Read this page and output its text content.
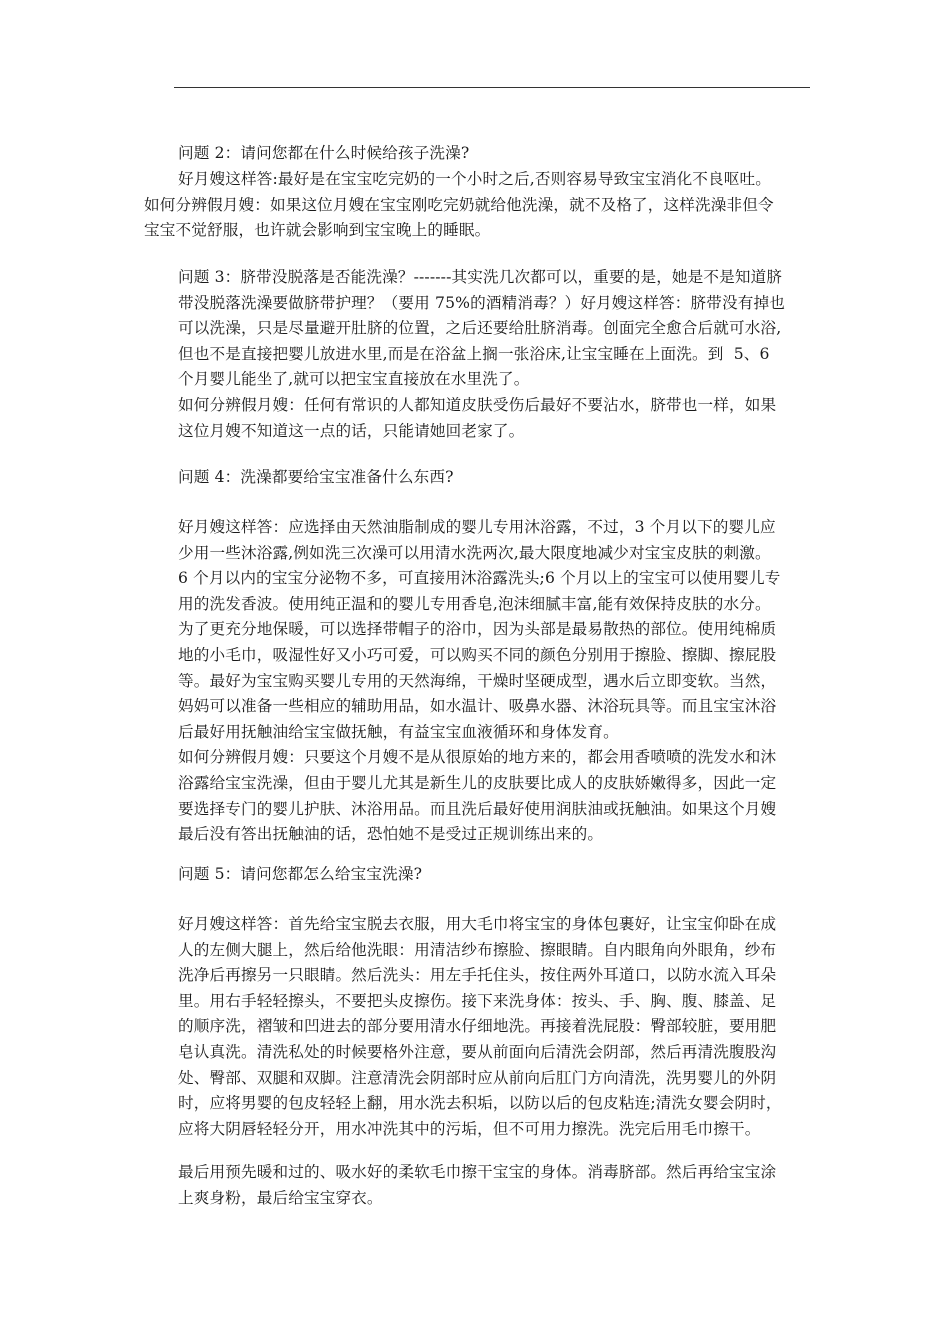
问题 2：请问您都在什么时候给孩子洗澡?
好月嫂这样答:最好是在宝宝吃完奶的一个小时之后,否则容易导致宝宝消化不良呕吐。
如何分辨假月嫂：如果这位月嫂在宝宝刚吃完奶就给他洗澡，就不及格了，这样洗澡非但令
宝宝不觉舒服，也许就会影响到宝宝晚上的睡眠。
问题 3：脐带没脱落是否能洗澡？-------其实洗几次都可以，重要的是，她是不是知道脐
带没脱落洗澡要做脐带护理？（要用 75%的酒精消毒？）好月嫂这样答：脐带没有掉也
可以洗澡，只是尽量避开肚脐的位置，之后还要给肚脐消毒。创面完全愈合后就可水浴,
但也不是直接把婴儿放进水里,而是在浴盆上搁一张浴床,让宝宝睡在上面洗。到  5、6
个月婴儿能坐了,就可以把宝宝直接放在水里洗了。
如何分辨假月嫂：任何有常识的人都知道皮肤受伤后最好不要沾水，脐带也一样，如果
这位月嫂不知道这一点的话，只能请她回老家了。
问题 4：洗澡都要给宝宝准备什么东西?
好月嫂这样答：应选择由天然油脂制成的婴儿专用沐浴露，不过，3 个月以下的婴儿应
少用一些沐浴露,例如洗三次澡可以用清水洗两次,最大限度地减少对宝宝皮肤的刺激。
6 个月以内的宝宝分泌物不多，可直接用沐浴露洗头;6 个月以上的宝宝可以使用婴儿专
用的洗发香波。使用纯正温和的婴儿专用香皂,泡沫细腻丰富,能有效保持皮肤的水分。
为了更充分地保暖，可以选择带帽子的浴巾，因为头部是最易散热的部位。使用纯棉质
地的小毛巾，吸湿性好又小巧可爱，可以购买不同的颜色分别用于擦脸、擦脚、擦屁股
等。最好为宝宝购买婴儿专用的天然海绵，干燥时坚硬成型，遇水后立即变软。当然，
妈妈可以准备一些相应的辅助用品，如水温计、吸鼻水器、沐浴玩具等。而且宝宝沐浴
后最好用抚触油给宝宝做抚触，有益宝宝血液循环和身体发育。
如何分辨假月嫂：只要这个月嫂不是从很原始的地方来的，都会用香喷喷的洗发水和沐
浴露给宝宝洗澡，但由于婴儿尤其是新生儿的皮肤要比成人的皮肤娇嫩得多，因此一定
要选择专门的婴儿护肤、沐浴用品。而且洗后最好使用润肤油或抚触油。如果这个月嫂
最后没有答出抚触油的话，恐怕她不是受过正规训练出来的。
问题 5：请问您都怎么给宝宝洗澡?
好月嫂这样答：首先给宝宝脱去衣服，用大毛巾将宝宝的身体包裹好，让宝宝仰卧在成
人的左侧大腿上，然后给他洗眼：用清洁纱布擦脸、擦眼睛。自内眼角向外眼角，纱布
洗净后再擦另一只眼睛。然后洗头：用左手托住头，按住两外耳道口，以防水流入耳朵
里。用右手轻轻擦头，不要把头皮擦伤。接下来洗身体：按头、手、胸、腹、膝盖、足
的顺序洗，褶皱和凹进去的部分要用清水仔细地洗。再接着洗屁股：臀部较脏，要用肥
皂认真洗。清洗私处的时候要格外注意，要从前面向后清洗会阴部，然后再清洗腹股沟
处、臀部、双腿和双脚。注意清洗会阴部时应从前向后肛门方向清洗，洗男婴儿的外阴
时，应将男婴的包皮轻轻上翻，用水洗去积垢，以防以后的包皮粘连;清洗女婴会阴时，
应将大阴唇轻轻分开，用水冲洗其中的污垢，但不可用力擦洗。洗完后用毛巾擦干。
最后用预先暖和过的、吸水好的柔软毛巾擦干宝宝的身体。消毒脐部。然后再给宝宝涂
上爽身粉，最后给宝宝穿衣。
